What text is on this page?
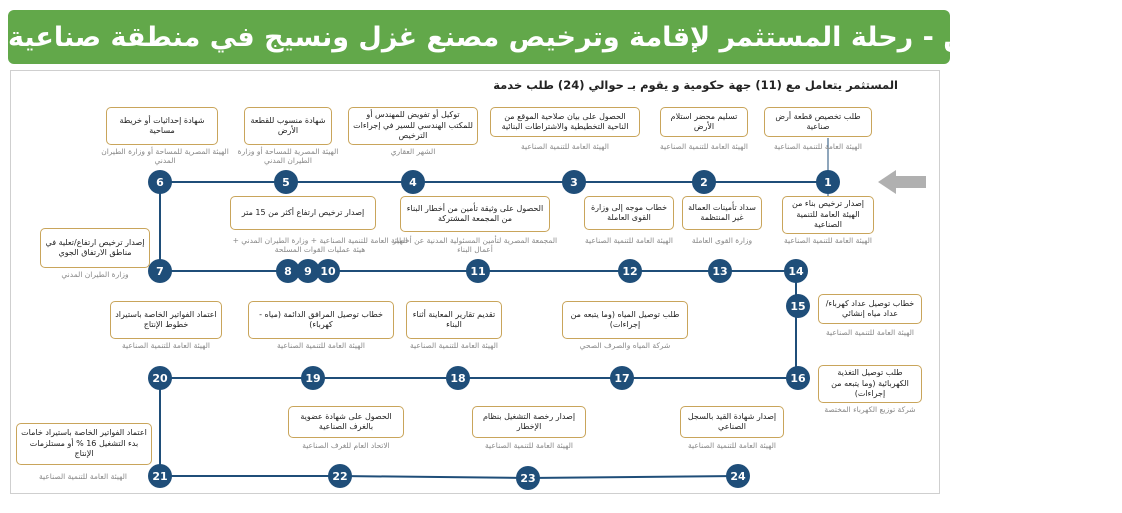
الوضع الراهن - رحلة المستثمر لإقامة وترخيص مصنع غزل ونسيج في منطقة صناعية
المستثمر يتعامل مع (11) جهة حكومية و يقوم بـ حوالي (24) طلب خدمة
طلب تخصيص قطعة أرض صناعية
الهيئة العامة للتنمية الصناعية
1
تسليم محضر استلام الأرض
الهيئة العامة للتنمية الصناعية
2
الحصول على بيان صلاحية الموقع من الناحية التخطيطية والاشتراطات البنائية
الهيئة العامة للتنمية الصناعية
3
توكيل أو تفويض للمهندس أو للمكتب الهندسي للسير في إجراءات الترخيص
الشهر العقاري
4
شهادة منسوب للقطعة الأرض
الهيئة المصرية للمساحة أو وزارة الطيران المدني
5
شهادة إحداثيات أو خريطة مساحية
الهيئة المصرية للمساحة أو وزارة الطيران المدني
6
إصدار ترخيص ارتفاع/تعلية في مناطق الارتفاق الجوي
وزارة الطيران المدني	7	8	9
إصدار ترخيص ارتفاع أكثر من 15 متر
الهيئة العامة للتنمية الصناعية + وزارة الطيران المدني + هيئة عمليات القوات المسلحة
10
الحصول على وثيقة تأمين من أخطار البناء من المجمعة المشتركة
المجمعة المصرية لتأمين المسئولية المدنية عن أخطار أعمال البناء
11
خطاب موجه إلى وزارة القوى العاملة
الهيئة العامة للتنمية الصناعية
12
سداد تأمينات العمالة غير المنتظمة
وزارة القوى العاملة
13
إصدار ترخيص بناء من الهيئة العامة للتنمية الصناعية
الهيئة العامة للتنمية الصناعية
14
خطاب توصيل عداد كهرباء/عداد مياه إنشائي
الهيئة العامة للتنمية الصناعية
15
طلب توصيل التغذية الكهربائية (وما يتبعه من إجراءات)
شركة توزيع الكهرباء المختصة
16
طلب توصيل المياه (وما يتبعه من إجراءات)
شركة المياه والصرف الصحي
17
تقديم تقارير المعاينة أثناء البناء
الهيئة العامة للتنمية الصناعية
18
خطاب توصيل المرافق الدائمة (مياه - كهرباء)
الهيئة العامة للتنمية الصناعية
19
اعتماد الفواتير الخاصة باستيراد خطوط الإنتاج
الهيئة العامة للتنمية الصناعية
20
اعتماد الفواتير الخاصة باستيراد خامات بدء التشغيل 16 % أو مستلزمات الإنتاج
الهيئة العامة للتنمية الصناعية	21
الحصول على شهادة عضوية بالغرف الصناعية
الاتحاد العام للغرف الصناعية
22
إصدار رخصة التشغيل بنظام الإخطار
الهيئة العامة للتنمية الصناعية
23
إصدار شهادة القيد بالسجل الصناعي
الهيئة العامة للتنمية الصناعية
24
